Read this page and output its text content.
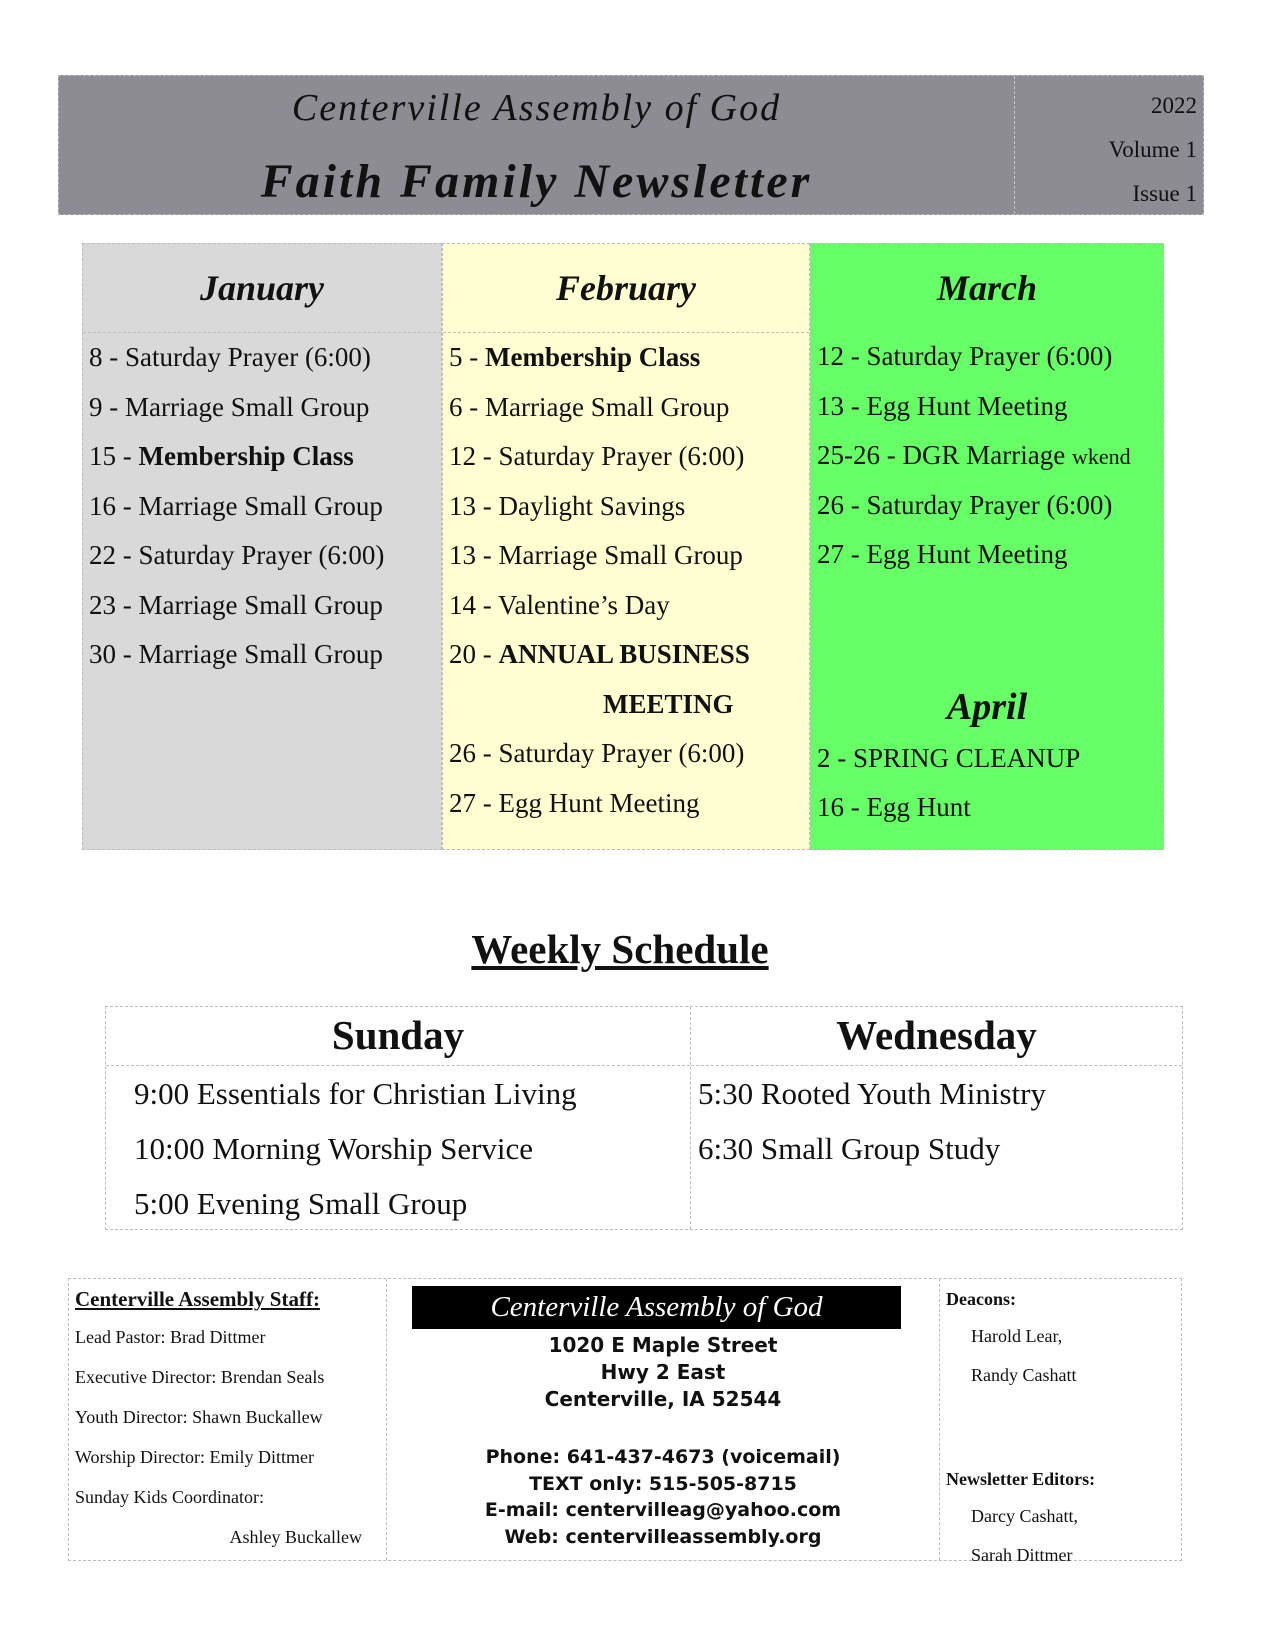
Centerville Assembly of God
Faith Family Newsletter
2022
Volume 1
Issue 1
January
8 - Saturday Prayer (6:00)
9 - Marriage Small Group
15 - Membership Class
16 - Marriage Small Group
22 - Saturday Prayer (6:00)
23 - Marriage Small Group
30 - Marriage Small Group
February
5 - Membership Class
6 - Marriage Small Group
12 - Saturday Prayer (6:00)
13 - Daylight Savings
13 - Marriage Small Group
14 - Valentine’s Day
20 - ANNUAL BUSINESS
MEETING
26 - Saturday Prayer (6:00)
27 - Egg Hunt Meeting
March
12 - Saturday Prayer (6:00)
13 - Egg Hunt Meeting
25-26 - DGR Marriage wkend
26 - Saturday Prayer (6:00)
27 - Egg Hunt Meeting
April
2 - SPRING CLEANUP
16 - Egg Hunt
Weekly Schedule
Sunday
9:00 Essentials for Christian Living
10:00 Morning Worship Service
5:00 Evening Small Group
Wednesday
5:30 Rooted Youth Ministry
6:30 Small Group Study
Centerville Assembly Staff:
Lead Pastor: Brad Dittmer
Executive Director: Brendan Seals
Youth Director: Shawn Buckallew
Worship Director: Emily Dittmer
Sunday Kids Coordinator:
Ashley Buckallew
Centerville Assembly of God
1020 E Maple Street
Hwy 2 East
Centerville, IA 52544
Phone: 641-437-4673 (voicemail)
TEXT only: 515-505-8715
E-mail: centervilleag@yahoo.com
Web: centervilleassembly.org
Deacons:
Harold Lear,
Randy Cashatt
Newsletter Editors:
Darcy Cashatt,
Sarah Dittmer
